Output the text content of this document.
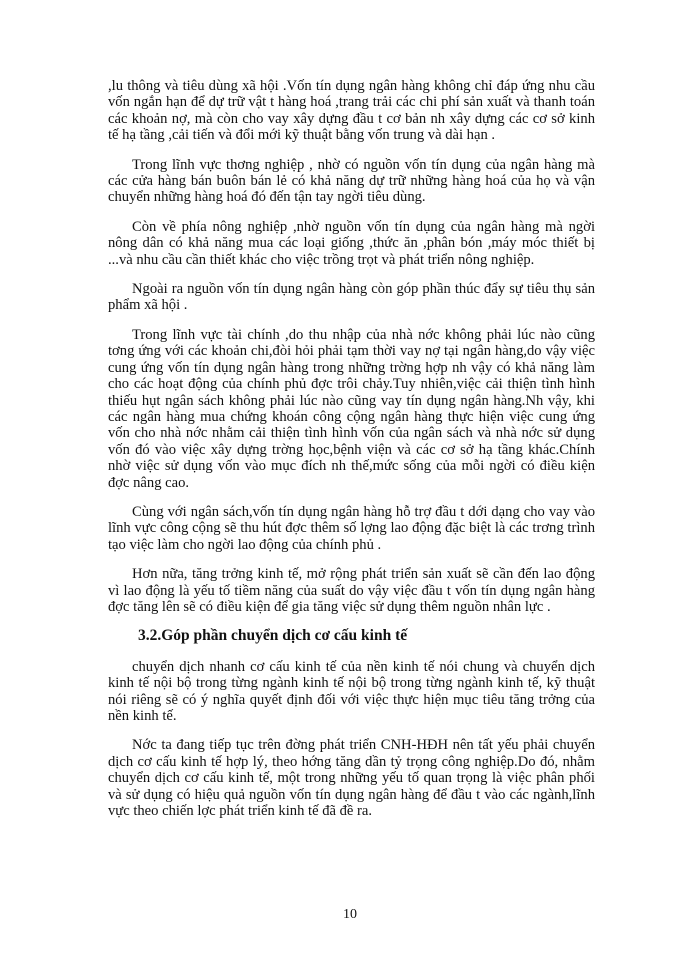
,lu thông và tiêu dùng xã hội .Vốn tín dụng ngân hàng không chỉ đáp ứng nhu cầu vốn ngắn hạn để dự trữ vật t hàng hoá ,trang trải các chi phí sản xuất và thanh toán các khoản nợ, mà còn cho vay xây dựng đầu t cơ bản nh xây dựng các cơ sở kinh tế hạ tầng ,cải tiến và đổi mới kỹ thuật bằng vốn trung và dài hạn .

Trong lĩnh vực thơng nghiệp , nhờ có nguồn vốn tín dụng của ngân hàng mà các cửa hàng bán buôn bán lẻ có khả năng dự trữ những hàng hoá của họ và vận chuyển những hàng hoá đó đến tận tay ngời tiêu dùng.

Còn về phía nông nghiệp ,nhờ nguồn vốn tín dụng của ngân hàng mà ngời nông dân có khả năng mua các loại giống ,thức ăn ,phân bón ,máy móc thiết bị ...và nhu cầu cần thiết khác cho việc trồng trọt và phát triển nông nghiệp.

Ngoài ra nguồn vốn tín dụng ngân hàng còn góp phần thúc đẩy sự tiêu thụ sản phẩm xã hội .

Trong lĩnh vực tài chính ,do thu nhập của nhà nớc không phải lúc nào cũng tơng ứng với các khoản chi,đòi hỏi phải tạm thời vay nợ tại ngân hàng,do vậy việc cung ứng vốn tín dụng ngân hàng trong những trờng hợp nh vậy có khả năng làm cho các hoạt động của chính phủ đợc trôi chảy.Tuy nhiên,việc cải thiện tình hình thiếu hụt ngân sách không phải lúc nào cũng vay tín dụng ngân hàng.Nh vậy, khi các ngân hàng mua chứng khoán công cộng ngân hàng thực hiện việc cung ứng vốn cho nhà nớc nhằm cải thiện tình hình vốn của ngân sách và nhà nớc sử dụng vốn đó vào việc xây dựng trờng học,bệnh viện và các cơ sở hạ tầng khác.Chính nhờ việc sử dụng vốn vào mục đích nh thế,mức sống của mỗi ngời có điều kiện đợc nâng cao.

Cùng với ngân sách,vốn tín dụng ngân hàng hỗ trợ đầu t dới dạng cho vay vào lĩnh vực công cộng sẽ thu hút đợc thêm số lợng lao động đặc biệt là các trơng trình tạo việc làm cho ngời lao động của chính phủ .

Hơn nữa, tăng trởng kinh tế, mở rộng phát triển sản xuất sẽ cần đến lao động vì lao động là yếu tố tiềm năng của suất do vậy việc đầu t vốn tín dụng ngân hàng đợc tăng lên sẽ có điều kiện để gia tăng việc sử dụng thêm nguồn nhân lực .

3.2.Góp phần chuyển dịch cơ cấu kinh tế

chuyển dịch nhanh cơ cấu kinh tế của nền kinh tế nói chung và chuyển dịch kinh tế nội bộ trong từng ngành kinh tế nội bộ trong từng ngành kinh tế, kỹ thuật nói riêng sẽ có ý nghĩa quyết định đối với việc thực hiện mục tiêu tăng trởng của nền kinh tế.

Nớc ta đang tiếp tục trên đờng phát triển CNH-HĐH nên tất yếu phải chuyển dịch cơ cấu kinh tế hợp lý, theo hớng tăng dần tỷ trọng công nghiệp.Do đó, nhằm chuyển dịch cơ cấu kinh tế, một trong những yếu tố quan trọng là việc phân phối và sử dụng có hiệu quả nguồn vốn tín dụng ngân hàng để đầu t vào các ngành,lĩnh vực theo chiến lợc phát triển kinh tế đã đề ra.

10
